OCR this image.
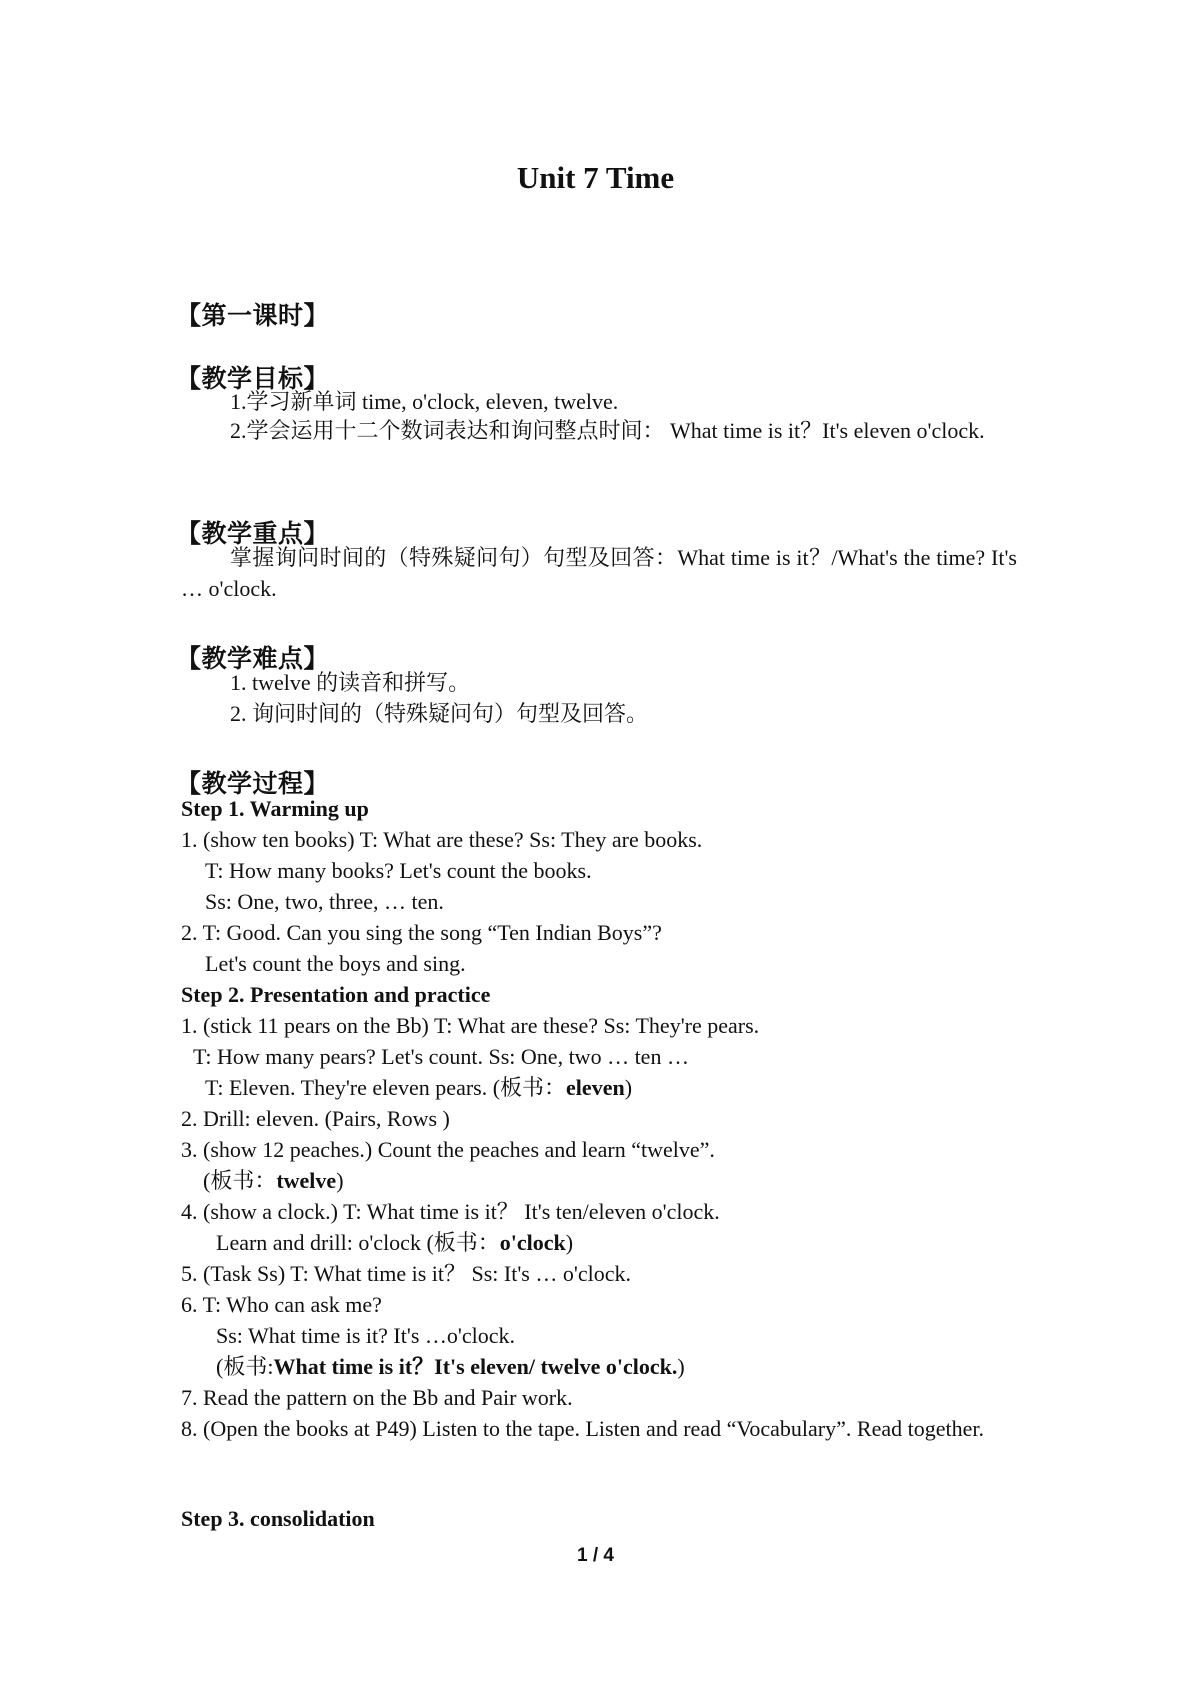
Unit 7 Time
【第一课时】
【教学目标】
1.学习新单词 time, o'clock, eleven, twelve.
2.学会运用十二个数词表达和询问整点时间： What time is it？It's eleven o'clock.
【教学重点】
掌握询问时间的（特殊疑问句）句型及回答：What time is it？/What's the time? It's … o'clock.
【教学难点】
1. twelve 的读音和拼写。
2. 询问时间的（特殊疑问句）句型及回答。
【教学过程】
Step 1. Warming up
1. (show ten books) T: What are these? Ss: They are books.
T: How many books? Let's count the books.
Ss: One, two, three, … ten.
2. T: Good. Can you sing the song “Ten Indian Boys”?
Let's count the boys and sing.
Step 2. Presentation and practice
1. (stick 11 pears on the Bb) T: What are these? Ss: They're pears.
T: How many pears? Let's count. Ss: One, two … ten …
T: Eleven. They're eleven pears. (板书：eleven)
2. Drill: eleven. (Pairs, Rows )
3. (show 12 peaches.) Count the peaches and learn “twelve”.
(板书：twelve)
4. (show a clock.) T: What time is it？ It's ten/eleven o'clock.
Learn and drill: o'clock (板书：o'clock)
5. (Task Ss) T: What time is it？ Ss: It's … o'clock.
6. T: Who can ask me?
Ss: What time is it? It's …o'clock.
(板书:What time is it？It's eleven/ twelve o'clock.)
7. Read the pattern on the Bb and Pair work.
8. (Open the books at P49) Listen to the tape. Listen and read “Vocabulary”. Read together.
Step 3. consolidation
1 / 4
